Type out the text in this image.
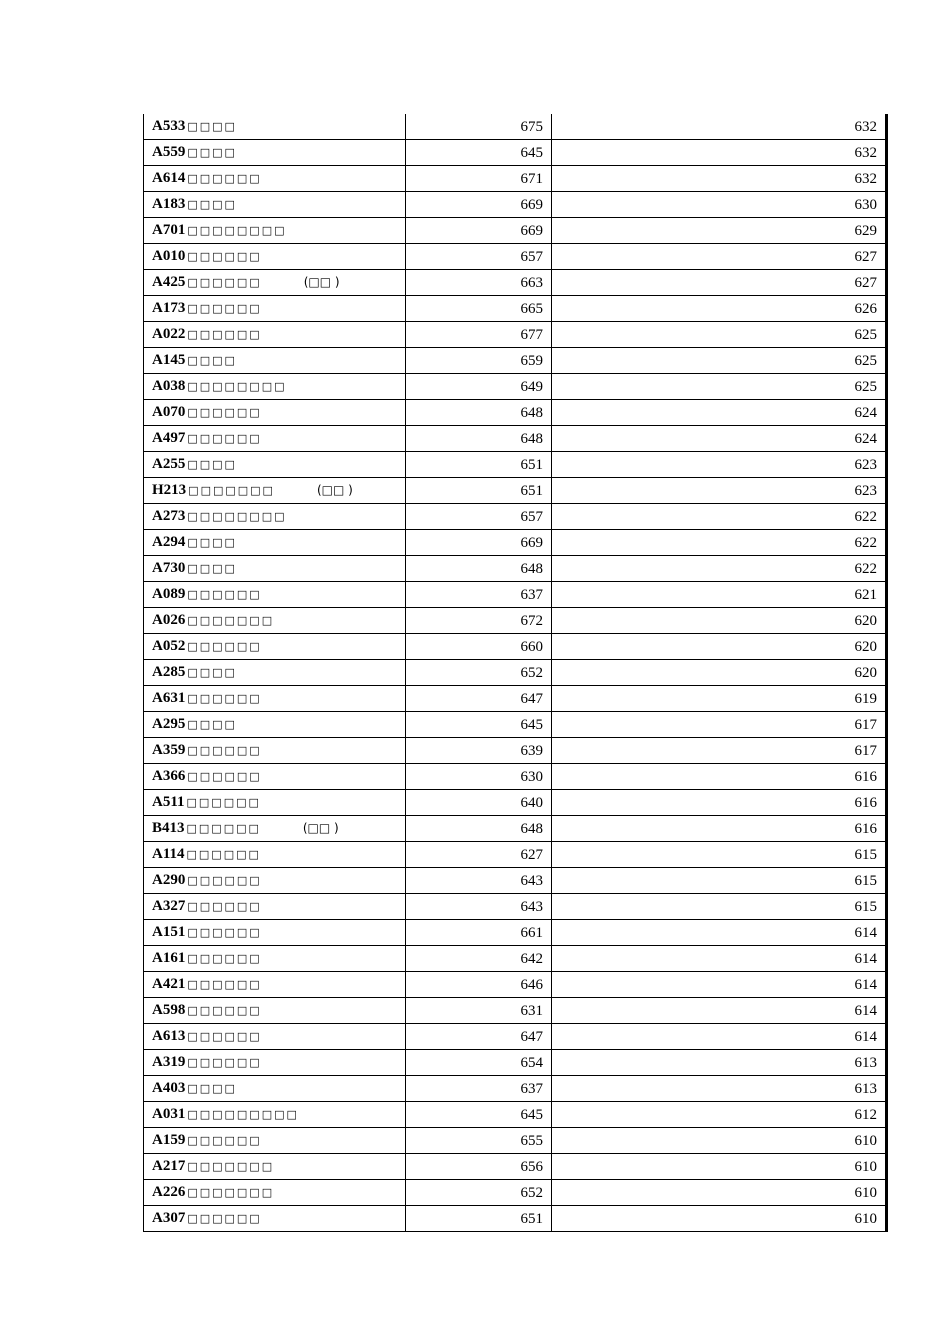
A533 □□□□	675	632
A559 □□□□	645	632
A614 □□□□□□	671	632
A183 □□□□	669	630
A701 □□□□□□□□	669	629
A010 □□□□□□	657	627
A425 □□□□□□ (□□ )	663	627
A173 □□□□□□	665	626
A022 □□□□□□	677	625
A145 □□□□	659	625
A038 □□□□□□□□	649	625
A070 □□□□□□	648	624
A497 □□□□□□	648	624
A255 □□□□	651	623
H213 □□□□□□□ (□□ )	651	623
A273 □□□□□□□□	657	622
A294 □□□□	669	622
A730 □□□□	648	622
A089 □□□□□□	637	621
A026 □□□□□□□	672	620
A052 □□□□□□	660	620
A285 □□□□	652	620
A631 □□□□□□	647	619
A295 □□□□	645	617
A359 □□□□□□	639	617
A366 □□□□□□	630	616
A511 □□□□□□	640	616
B413 □□□□□□ (□□ )	648	616
A114 □□□□□□	627	615
A290 □□□□□□	643	615
A327 □□□□□□	643	615
A151 □□□□□□	661	614
A161 □□□□□□	642	614
A421 □□□□□□	646	614
A598 □□□□□□	631	614
A613 □□□□□□	647	614
A319 □□□□□□	654	613
A403 □□□□	637	613
A031 □□□□□□□□□	645	612
A159 □□□□□□	655	610
A217 □□□□□□□	656	610
A226 □□□□□□□	652	610
A307 □□□□□□	651	610
